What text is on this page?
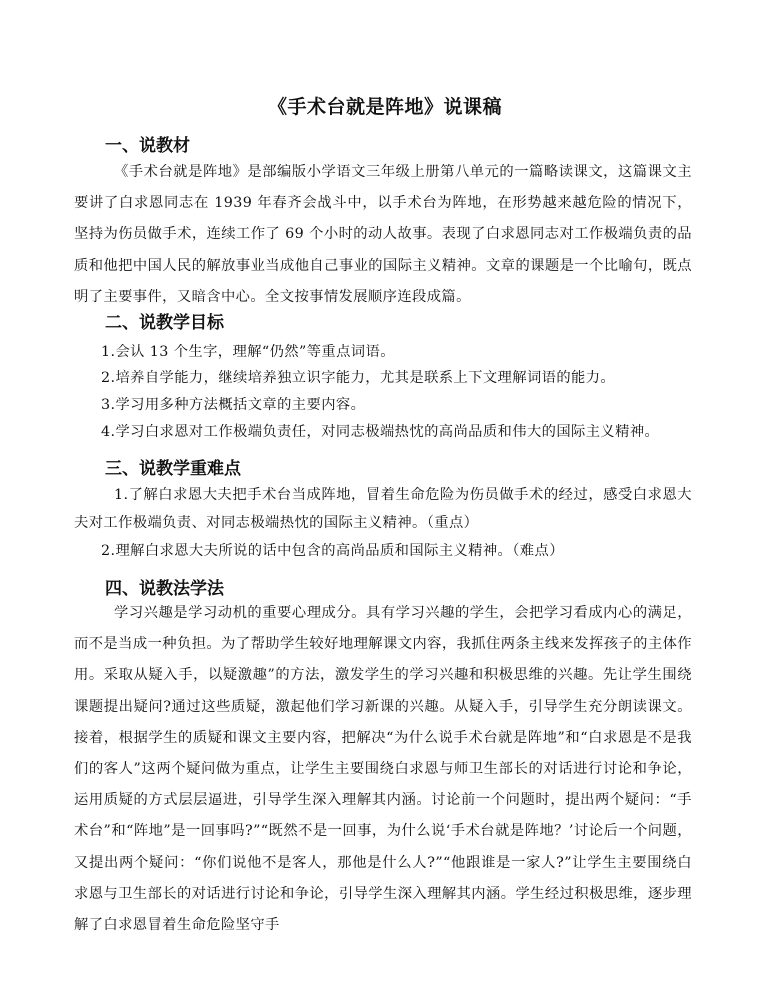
《手术台就是阵地》说课稿
一、说教材

《手术台就是阵地》是部编版小学语文三年级上册第八单元的一篇略读课文，这篇课文主要讲了白求恩同志在 1939 年春齐会战斗中，以手术台为阵地，在形势越来越危险的情况下，坚持为伤员做手术，连续工作了 69 个小时的动人故事。表现了白求恩同志对工作极端负责的品质和他把中国人民的解放事业当成他自己事业的国际主义精神。文章的课题是一个比喻句，既点明了主要事件，又暗含中心。全文按事情发展顺序连段成篇。

二、说教学目标

1.会认 13 个生字，理解“仍然”等重点词语。

2.培养自学能力，继续培养独立识字能力，尤其是联系上下文理解词语的能力。

3.学习用多种方法概括文章的主要内容。

4.学习白求恩对工作极端负责任，对同志极端热忱的高尚品质和伟大的国际主义精神。

三、说教学重难点

1.了解白求恩大夫把手术台当成阵地，冒着生命危险为伤员做手术的经过，感受白求恩大夫对工作极端负责、对同志极端热忱的国际主义精神。（重点）

2.理解白求恩大夫所说的话中包含的高尚品质和国际主义精神。（难点）

四、说教法学法

学习兴趣是学习动机的重要心理成分。具有学习兴趣的学生，会把学习看成内心的满足，而不是当成一种负担。为了帮助学生较好地理解课文内容，我抓住两条主线来发挥孩子的主体作用。采取从疑入手，以疑激趣”的方法，激发学生的学习兴趣和积极思维的兴趣。先让学生围绕课题提出疑问?通过这些质疑，激起他们学习新课的兴趣。从疑入手，引导学生充分朗读课文。接着，根据学生的质疑和课文主要内容，把解决“为什么说手术台就是阵地”和“白求恩是不是我们的客人”这两个疑问做为重点，让学生主要围绕白求恩与师卫生部长的对话进行讨论和争论，运用质疑的方式层层逼进，引导学生深入理解其内涵。讨论前一个问题时，提出两个疑问：“手术台”和“阵地”是一回事吗?”“既然不是一回事，为什么说‘手术台就是阵地？’讨论后一个问题，又提出两个疑问：“你们说他不是客人，那他是什么人?”“他跟谁是一家人?”让学生主要围绕白求恩与卫生部长的对话进行讨论和争论，引导学生深入理解其内涵。学生经过积极思维，逐步理解了白求恩冒着生命危险坚守手
